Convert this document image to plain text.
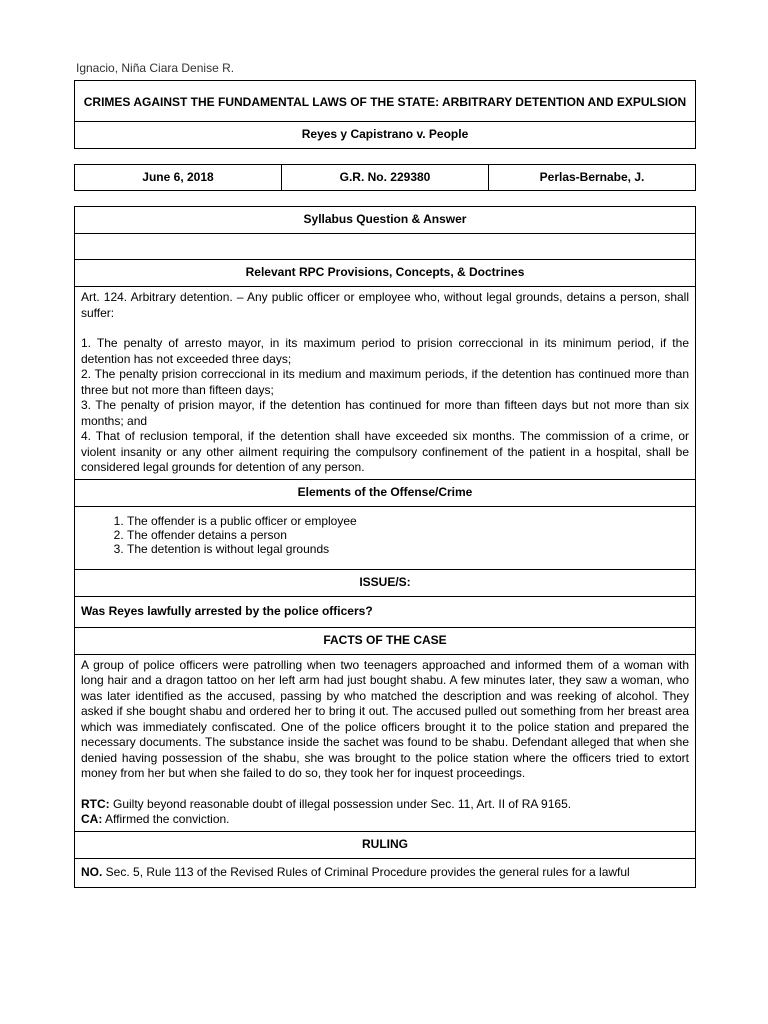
Ignacio, Niña Ciara Denise R.
CRIMES AGAINST THE FUNDAMENTAL LAWS OF THE STATE: ARBITRARY DETENTION AND EXPULSION
Reyes y Capistrano v. People
June 6, 2018	G.R. No. 229380	Perlas-Bernabe, J.
Syllabus Question & Answer

Relevant RPC Provisions, Concepts, & Doctrines

Art. 124. Arbitrary detention. – Any public officer or employee who, without legal grounds, detains a person, shall suffer:
1. The penalty of arresto mayor, in its maximum period to prision correccional in its minimum period, if the detention has not exceeded three days;
2. The penalty prision correccional in its medium and maximum periods, if the detention has continued more than three but not more than fifteen days;
3. The penalty of prision mayor, if the detention has continued for more than fifteen days but not more than six months; and
4. That of reclusion temporal, if the detention shall have exceeded six months. The commission of a crime, or violent insanity or any other ailment requiring the compulsory confinement of the patient in a hospital, shall be considered legal grounds for detention of any person.

Elements of the Offense/Crime

1. The offender is a public officer or employee
2. The offender detains a person
3. The detention is without legal grounds

ISSUE/S:
Was Reyes lawfully arrested by the police officers?
FACTS OF THE CASE

A group of police officers were patrolling when two teenagers approached and informed them of a woman with long hair and a dragon tattoo on her left arm had just bought shabu. A few minutes later, they saw a woman, who was later identified as the accused, passing by who matched the description and was reeking of alcohol. They asked if she bought shabu and ordered her to bring it out. The accused pulled out something from her breast area which was immediately confiscated. One of the police officers brought it to the police station and prepared the necessary documents. The substance inside the sachet was found to be shabu. Defendant alleged that when she denied having possession of the shabu, she was brought to the police station where the officers tried to extort money from her but when she failed to do so, they took her for inquest proceedings.
RTC: Guilty beyond reasonable doubt of illegal possession under Sec. 11, Art. II of RA 9165.
CA: Affirmed the conviction.

RULING
NO. Sec. 5, Rule 113 of the Revised Rules of Criminal Procedure provides the general rules for a lawful
